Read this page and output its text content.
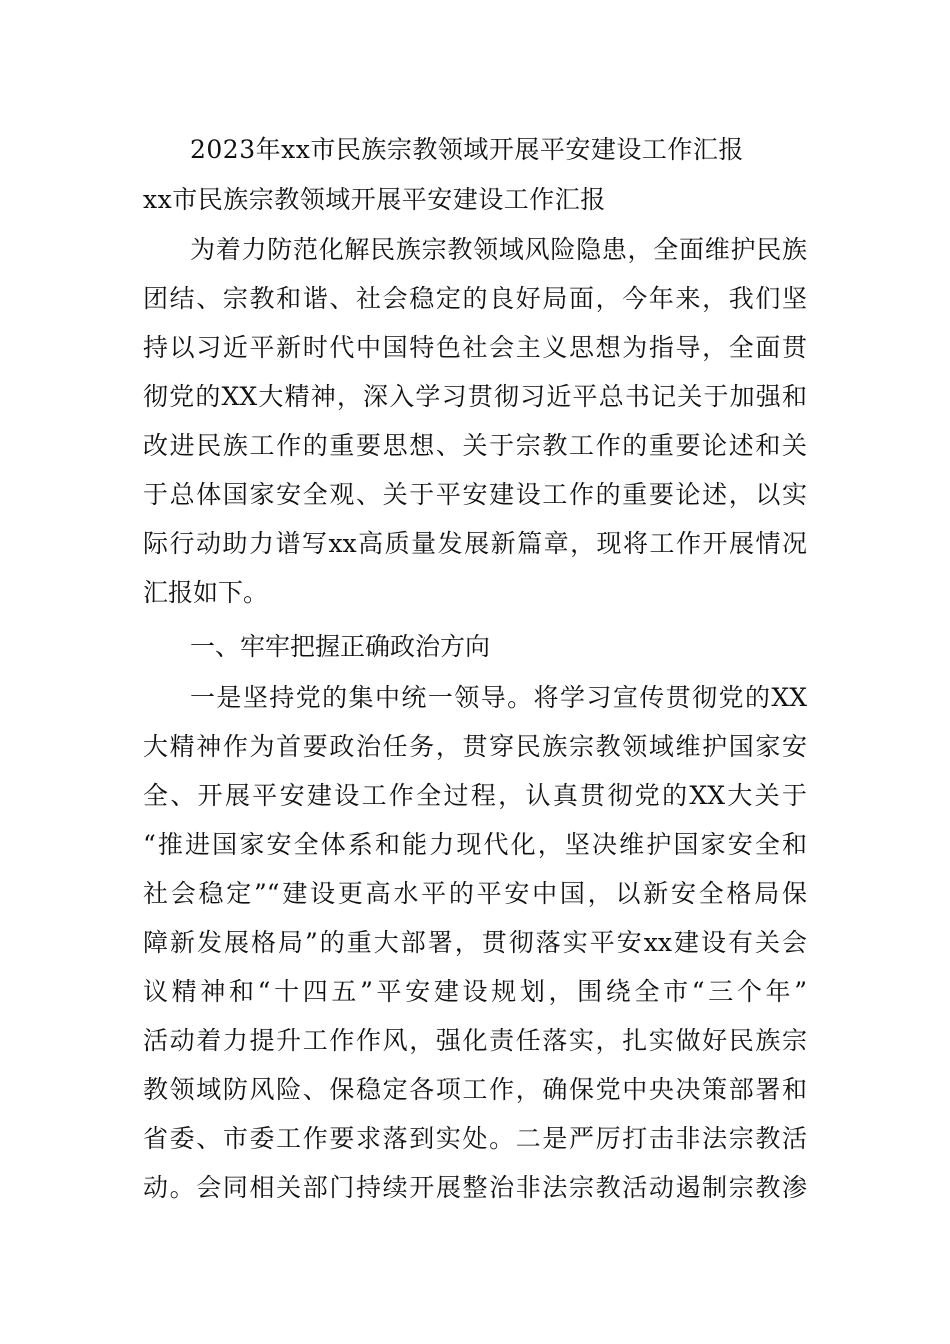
2023年xx市民族宗教领域开展平安建设工作汇报
xx市民族宗教领域开展平安建设工作汇报
为着力防范化解民族宗教领域风险隐患，全面维护民族
团结、宗教和谐、社会稳定的良好局面，今年来，我们坚
持以习近平新时代中国特色社会主义思想为指导，全面贯
彻党的XX大精神，深入学习贯彻习近平总书记关于加强和
改进民族工作的重要思想、关于宗教工作的重要论述和关
于总体国家安全观、关于平安建设工作的重要论述，以实
际行动助力谱写xx高质量发展新篇章，现将工作开展情况
汇报如下。
一、牢牢把握正确政治方向
一是坚持党的集中统一领导。将学习宣传贯彻党的XX
大精神作为首要政治任务，贯穿民族宗教领域维护国家安
全、开展平安建设工作全过程，认真贯彻党的XX大关于
“推进国家安全体系和能力现代化，坚决维护国家安全和
社会稳定”“建设更高水平的平安中国，以新安全格局保
障新发展格局”的重大部署，贯彻落实平安xx建设有关会
议精神和“十四五”平安建设规划，围绕全市“三个年”
活动着力提升工作作风，强化责任落实，扎实做好民族宗
教领域防风险、保稳定各项工作，确保党中央决策部署和
省委、市委工作要求落到实处。二是严厉打击非法宗教活
动。会同相关部门持续开展整治非法宗教活动遏制宗教渗
